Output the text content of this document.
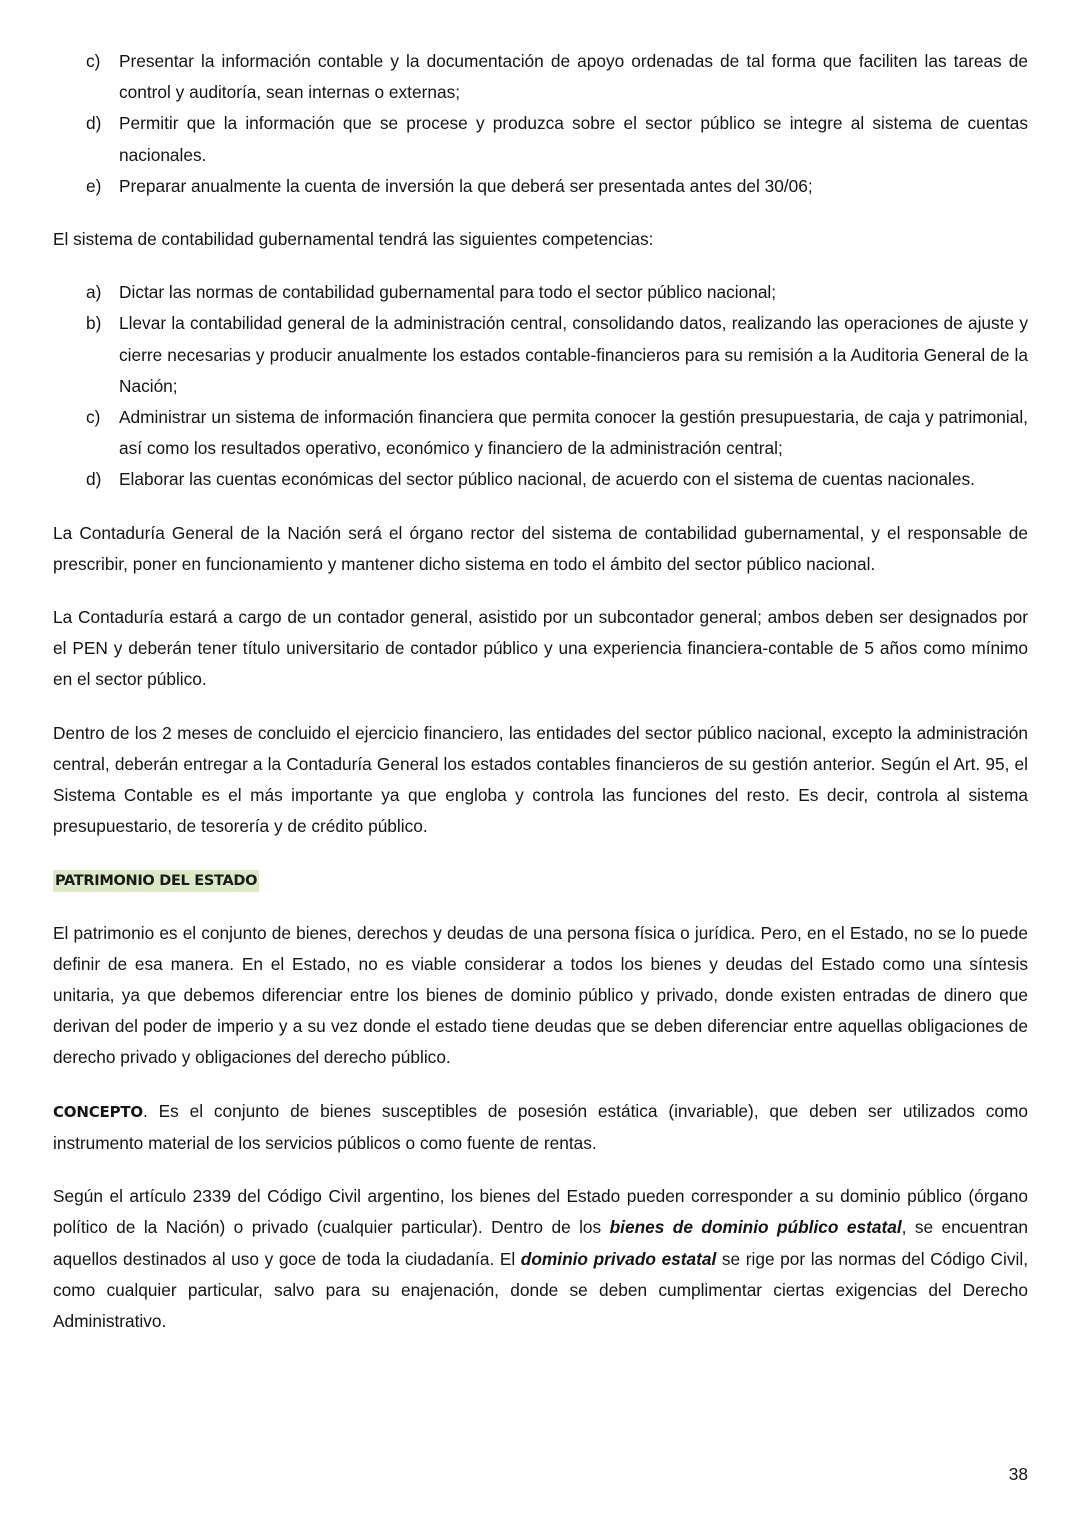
c) Presentar la información contable y la documentación de apoyo ordenadas de tal forma que faciliten las tareas de control y auditoría, sean internas o externas;
d) Permitir que la información que se procese y produzca sobre el sector público se integre al sistema de cuentas nacionales.
e) Preparar anualmente la cuenta de inversión la que deberá ser presentada antes del 30/06;

El sistema de contabilidad gubernamental tendrá las siguientes competencias:

a) Dictar las normas de contabilidad gubernamental para todo el sector público nacional;
b) Llevar la contabilidad general de la administración central, consolidando datos, realizando las operaciones de ajuste y cierre necesarias y producir anualmente los estados contable-financieros para su remisión a la Auditoria General de la Nación;
c) Administrar un sistema de información financiera que permita conocer la gestión presupuestaria, de caja y patrimonial, así como los resultados operativo, económico y financiero de la administración central;
d) Elaborar las cuentas económicas del sector público nacional, de acuerdo con el sistema de cuentas nacionales.

La Contaduría General de la Nación será el órgano rector del sistema de contabilidad gubernamental, y el responsable de prescribir, poner en funcionamiento y mantener dicho sistema en todo el ámbito del sector público nacional.

La Contaduría estará a cargo de un contador general, asistido por un subcontador general; ambos deben ser designados por el PEN y deberán tener título universitario de contador público y una experiencia financiera-contable de 5 años como mínimo en el sector público.

Dentro de los 2 meses de concluido el ejercicio financiero, las entidades del sector público nacional, excepto la administración central, deberán entregar a la Contaduría General los estados contables financieros de su gestión anterior. Según el Art. 95, el Sistema Contable es el más importante ya que engloba y controla las funciones del resto. Es decir, controla al sistema presupuestario, de tesorería y de crédito público.

PATRIMONIO DEL ESTADO

El patrimonio es el conjunto de bienes, derechos y deudas de una persona física o jurídica. Pero, en el Estado, no se lo puede definir de esa manera. En el Estado, no es viable considerar a todos los bienes y deudas del Estado como una síntesis unitaria, ya que debemos diferenciar entre los bienes de dominio público y privado, donde existen entradas de dinero que derivan del poder de imperio y a su vez donde el estado tiene deudas que se deben diferenciar entre aquellas obligaciones de derecho privado y obligaciones del derecho público.

CONCEPTO. Es el conjunto de bienes susceptibles de posesión estática (invariable), que deben ser utilizados como instrumento material de los servicios públicos o como fuente de rentas.

Según el artículo 2339 del Código Civil argentino, los bienes del Estado pueden corresponder a su dominio público (órgano político de la Nación) o privado (cualquier particular). Dentro de los bienes de dominio público estatal, se encuentran aquellos destinados al uso y goce de toda la ciudadanía. El dominio privado estatal se rige por las normas del Código Civil, como cualquier particular, salvo para su enajenación, donde se deben cumplimentar ciertas exigencias del Derecho Administrativo.

38
